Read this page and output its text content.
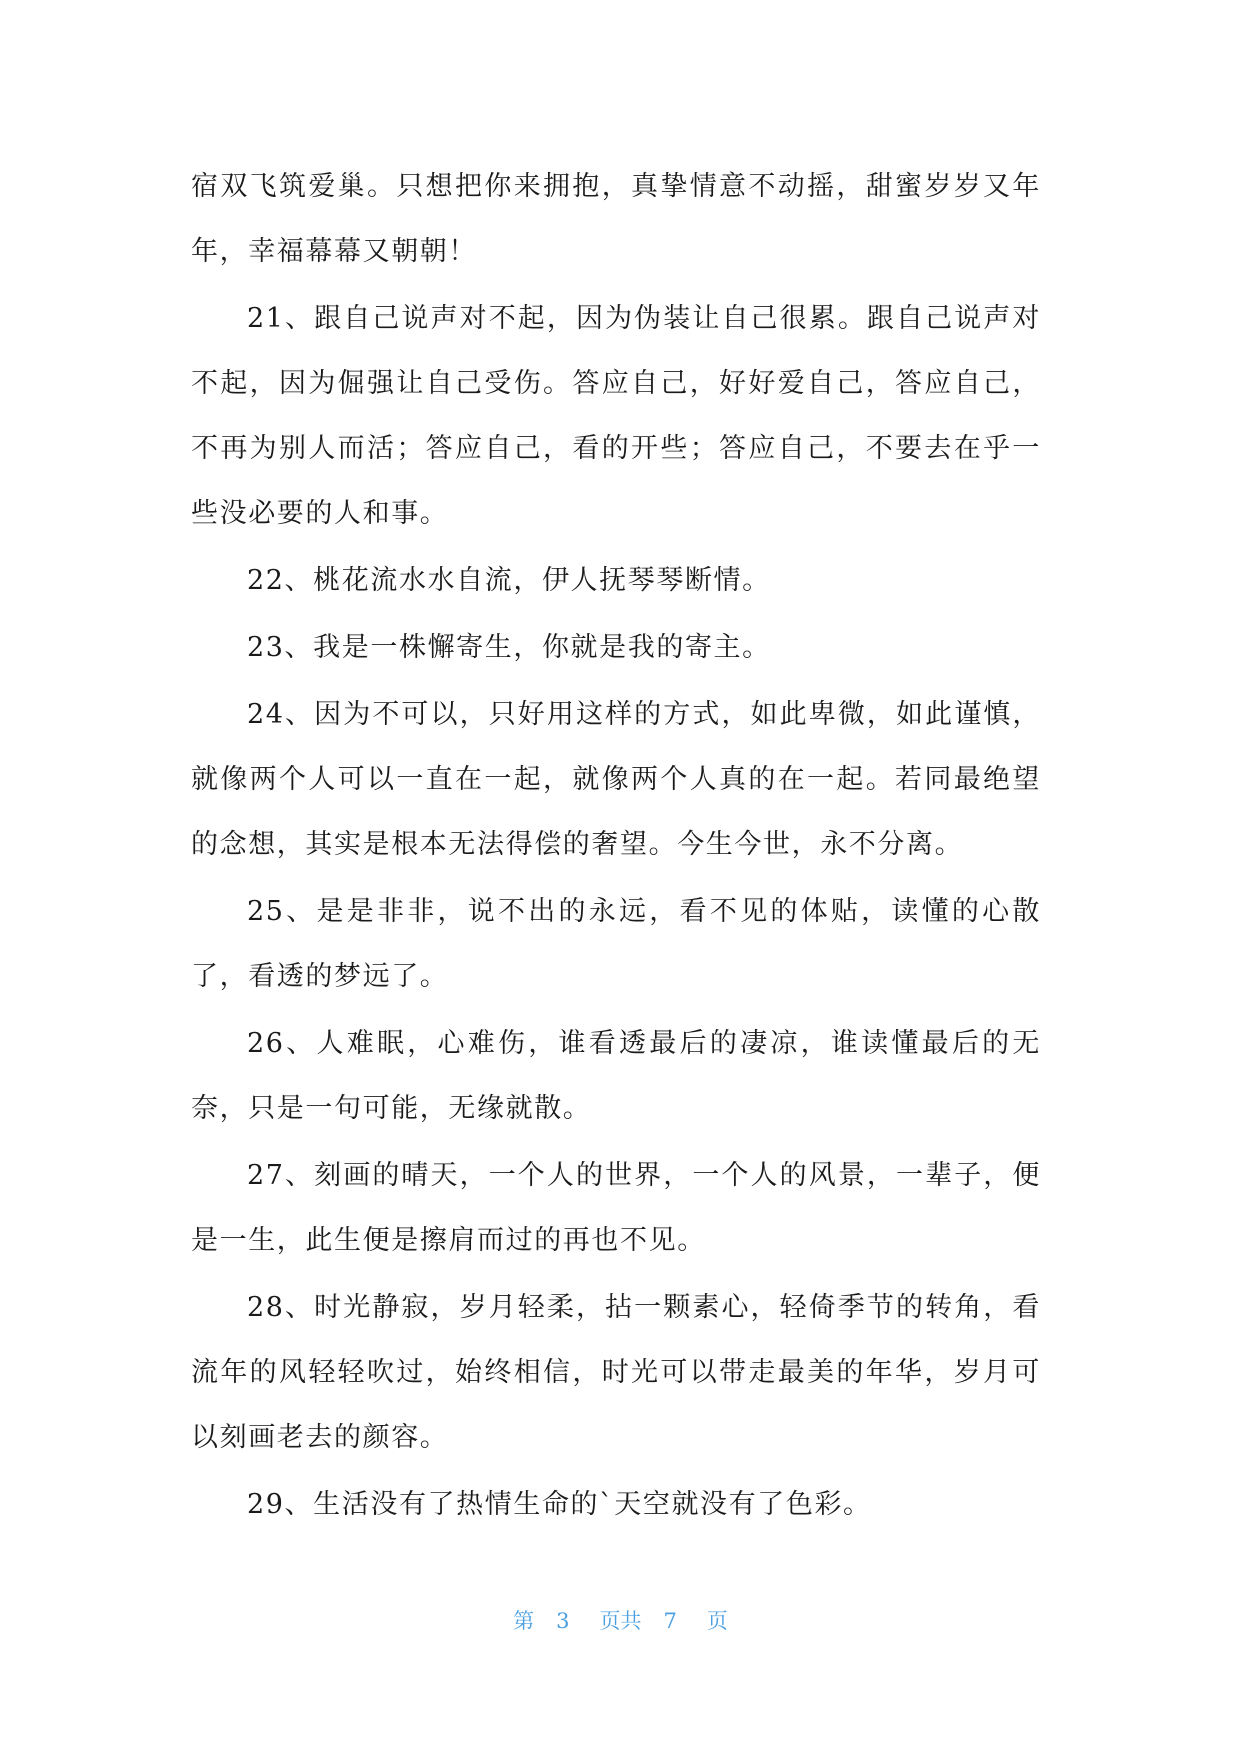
宿双飞筑爱巢。只想把你来拥抱，真挚情意不动摇，甜蜜岁岁又年年，幸福幕幕又朝朝！

21、跟自己说声对不起，因为伪装让自己很累。跟自己说声对不起，因为倔强让自己受伤。答应自己，好好爱自己，答应自己，不再为别人而活；答应自己，看的开些；答应自己，不要去在乎一些没必要的人和事。

22、桃花流水水自流，伊人抚琴琴断情。

23、我是一株懈寄生，你就是我的寄主。

24、因为不可以，只好用这样的方式，如此卑微，如此谨慎，就像两个人可以一直在一起，就像两个人真的在一起。若同最绝望的念想，其实是根本无法得偿的奢望。今生今世，永不分离。

25、是是非非，说不出的永远，看不见的体贴，读懂的心散了，看透的梦远了。

26、人难眠，心难伤，谁看透最后的凄凉，谁读懂最后的无奈，只是一句可能，无缘就散。

27、刻画的晴天，一个人的世界，一个人的风景，一辈子，便是一生，此生便是擦肩而过的再也不见。

28、时光静寂，岁月轻柔，拈一颗素心，轻倚季节的转角，看流年的风轻轻吹过，始终相信，时光可以带走最美的年华，岁月可以刻画老去的颜容。

29、生活没有了热情生命的`天空就没有了色彩。

第 3 页共 7 页
